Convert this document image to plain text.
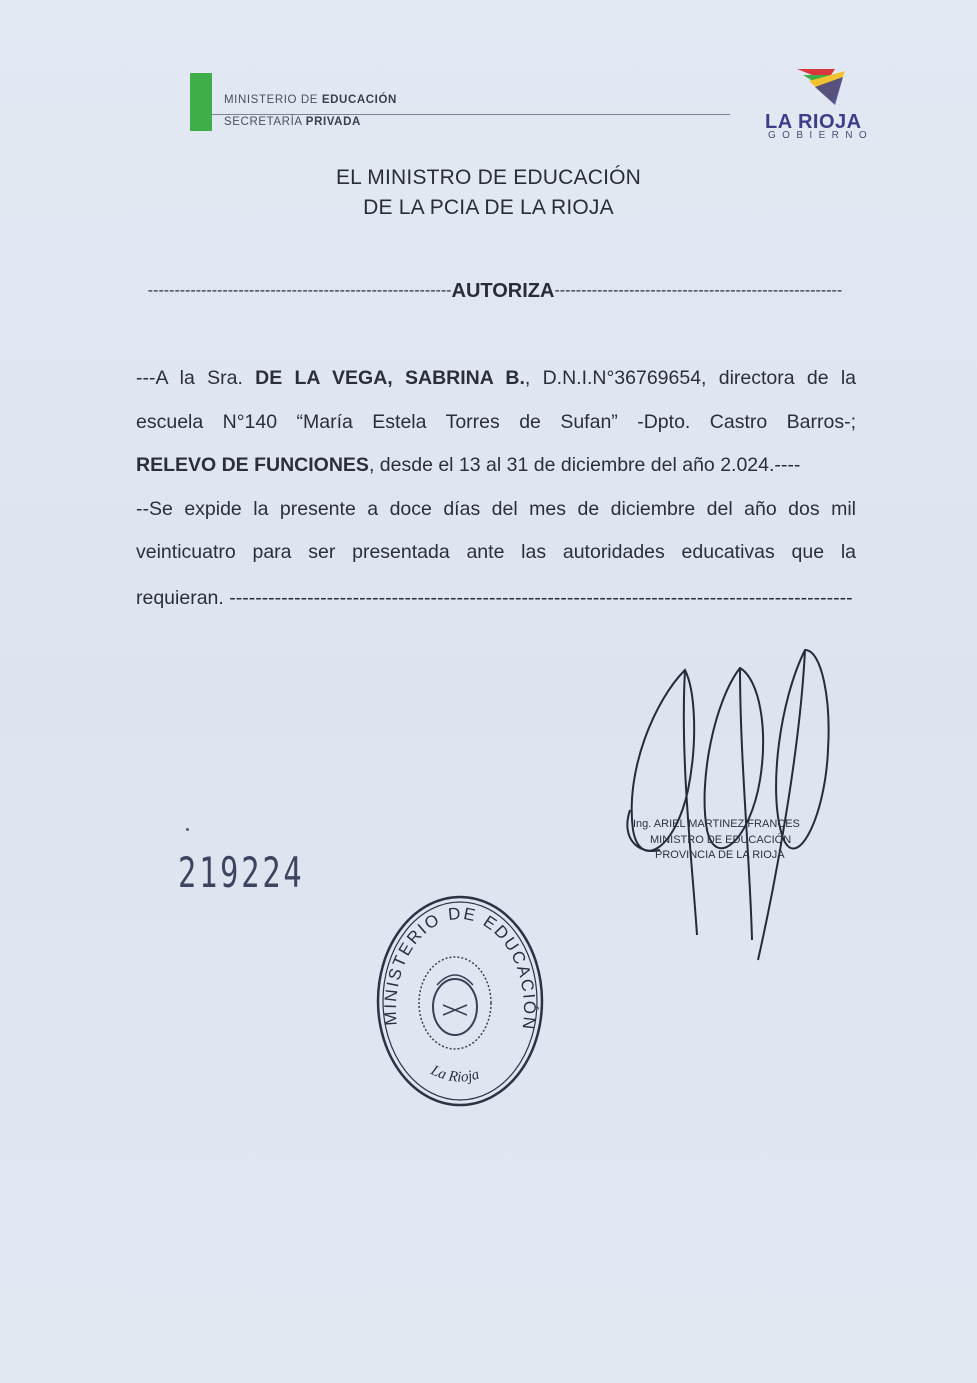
MINISTERIO DE EDUCACIÓN
SECRETARÍA PRIVADA	LA RIOJA
GOBIERNO
EL MINISTRO DE EDUCACIÓN
DE LA PCIA DE LA RIOJA
---------------------------------------------------------AUTORIZA------------------------------------------------------
---A la Sra. DE LA VEGA, SABRINA B., D.N.I.N°36769654, directora de la
escuela N°140 “María Estela Torres de Sufan” -Dpto. Castro Barros-;
RELEVO DE FUNCIONES, desde el 13 al 31 de diciembre del año 2.024.----
--Se expide la presente a doce días del mes de diciembre del año dos mil
veinticuatro para ser presentada ante las autoridades educativas que la
requieran. ------------------------------------------------------------------------------------------------
219224
Ing. ARIEL MARTINEZ FRANCES
MINISTRO DE EDUCACIÓN
PROVINCIA DE LA RIOJA
MINISTERIO DE EDUCACIÓN
La Rioja
